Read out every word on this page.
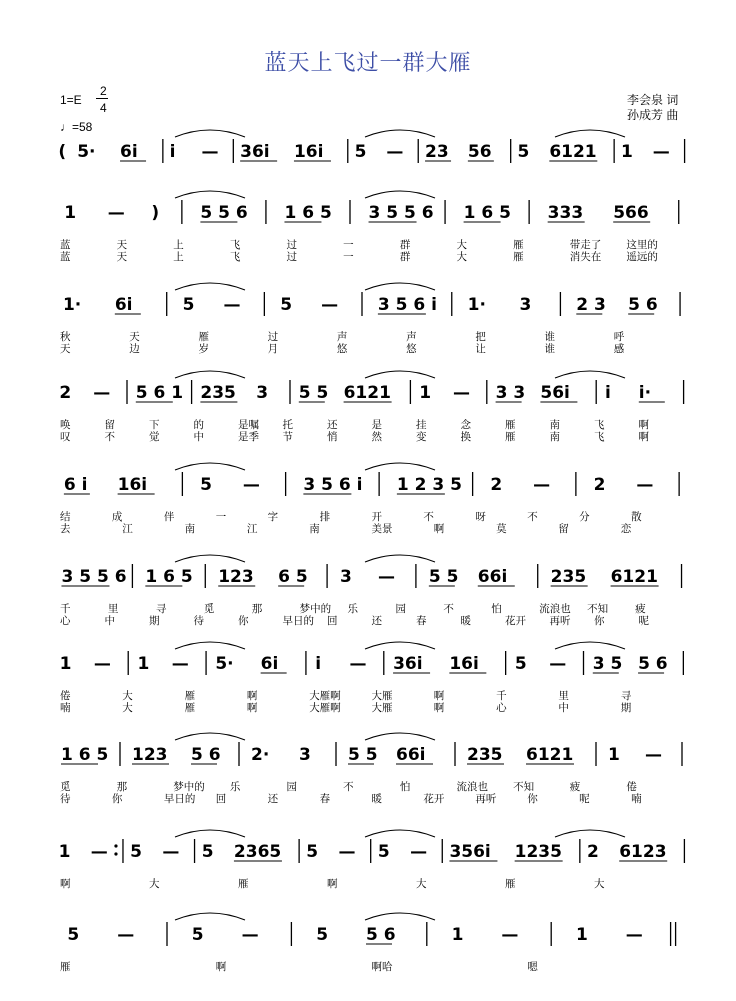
蓝天上飞过一群大雁
1=E
2
4
♩=58
李会泉 词
孙成芳 曲
( 5· 6i i — 36i 16i 5 — 23 56 5 6121 1 —
1 — ) 5 5 6 1 6 5 3 5 5 6 1 6 5 333 566
蓝	天	上	飞	过	一	群	大	雁	带走了 这里的
蓝	天	上	飞	过	一	群	大	雁	消失在 遥远的
1· 6i	5 — 5 — 3 5 6 i 1· 3	2 3 5 6
秋	天	雁	过	声	声	把	谁	呼
天	边	岁	月	悠	悠	让	谁	感
2 — 5 6 1 235 3 5 5 6121 1 — 3 3 56i i i·
唤	留	下	的	是嘱 托	还	是	挂	念	雁	南	飞	啊
叹	不	觉	中	是季 节	悄	然	变	换	雁	南	飞	啊
6 i 16i	5 —	3 5 6 i 1 2 3 5 2 —	2 —
结	成	伴	一	字	排	开	不	呀	不	分	散
去	江	南	江	南	美景	啊	莫	留	恋
3 5 5 6 1 6 5 123 6 5 3 — 5 5 66i	235 6121
千	里	寻	觅	那	梦中的 乐	园	不	怕	流浪也 不知	疲
心	中	期	待	你	早日的 回	还	春	暖	花开 再听 你	呢
1 — 1 — 5· 6i i — 36i 16i 5 — 3 5 5 6
倦	大	雁	啊	大雁啊	大雁	啊	千	里	寻
喃	大	雁	啊	大雁啊	大雁	啊	心	中	期
1 6 5 123 5 6 2· 3 5 5 66i 235 6121 1 —
觅	那	梦中的 乐	园	不	怕	流浪也 不知	疲	倦
待	你	早日的 回	还	春	暖	花开	再听	你	呢	喃
1 — 5 — 5 2365 5 — 5 — 356i 1235 2 6123
啊	大	雁	啊	大	雁	大
5 —	5 —	5 5 6	1 —	1 —
雁	啊	啊哈	嗯
